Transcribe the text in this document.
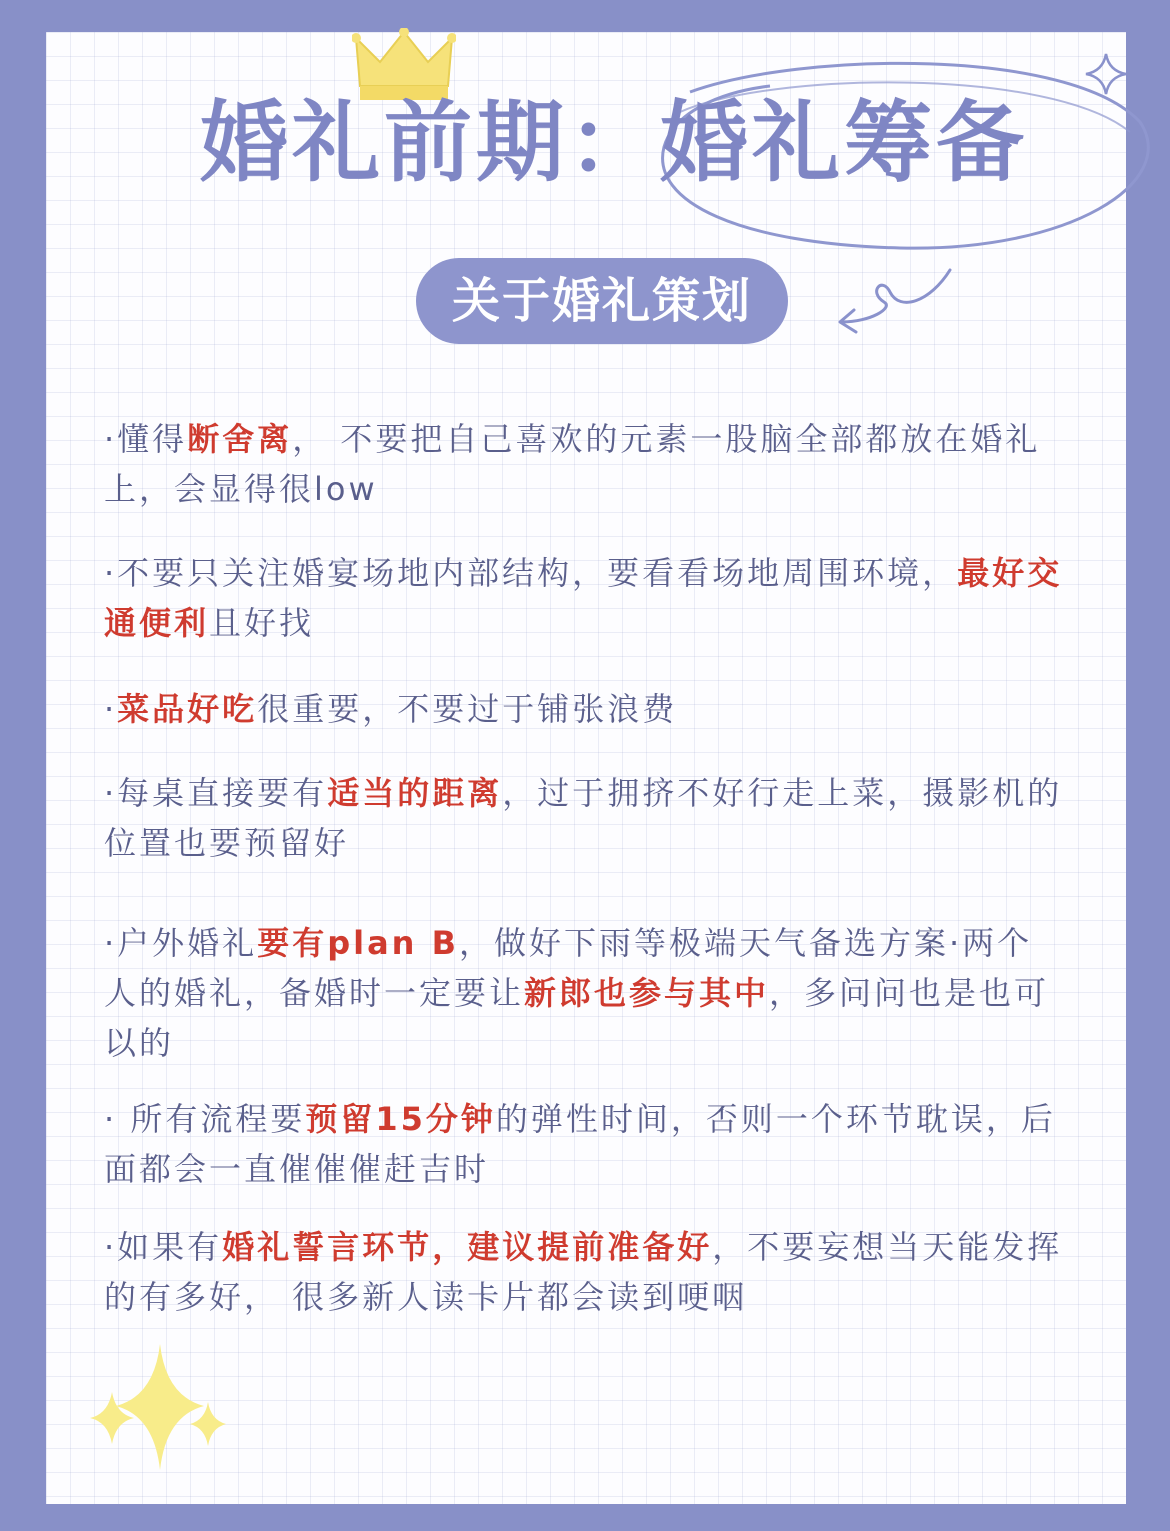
婚礼前期：婚礼筹备
关于婚礼策划

·懂得断舍离， 不要把自己喜欢的元素一股脑全部都放在婚礼上，会显得很low

·不要只关注婚宴场地内部结构，要看看场地周围环境，最好交通便利且好找

·菜品好吃很重要，不要过于铺张浪费

·每桌直接要有适当的距离，过于拥挤不好行走上菜，摄影机的位置也要预留好

·户外婚礼要有plan B，做好下雨等极端天气备选方案·两个人的婚礼，备婚时一定要让新郎也参与其中，多问问也是也可以的

· 所有流程要预留15分钟的弹性时间，否则一个环节耽误，后面都会一直催催催赶吉时

·如果有婚礼誓言环节，建议提前准备好，不要妄想当天能发挥的有多好， 很多新人读卡片都会读到哽咽
